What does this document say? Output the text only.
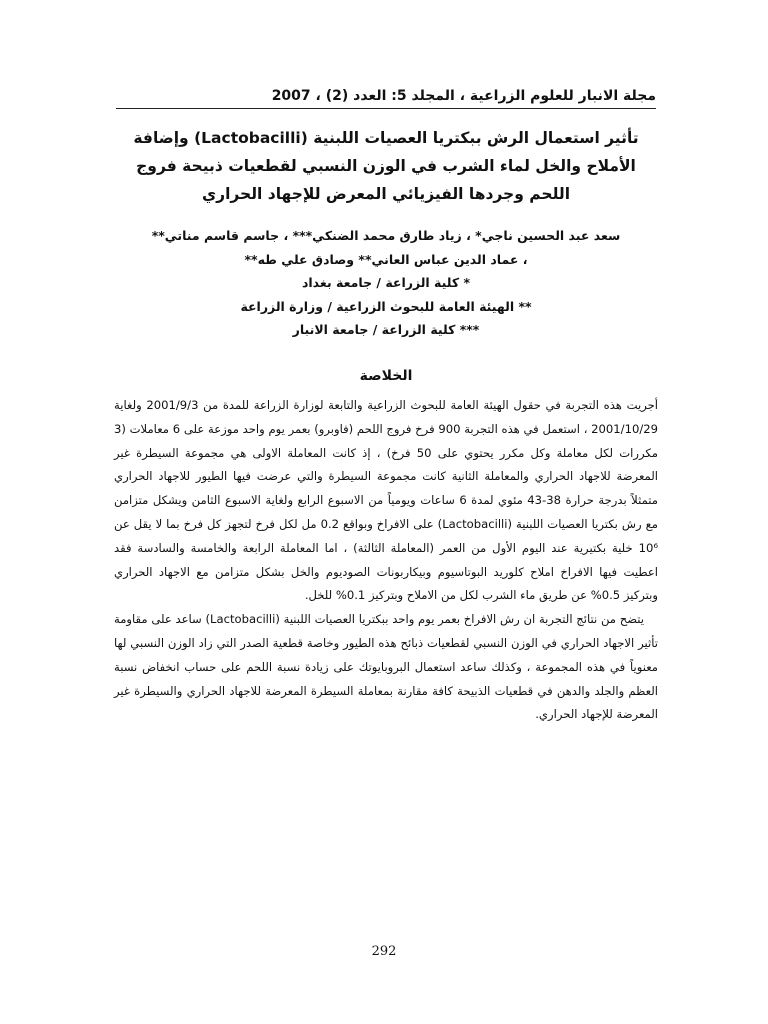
مجلة الانبار للعلوم الزراعية ، المجلد 5: العدد (2) ، 2007
تأثير استعمال الرش ببكتريا العصيات اللبنية (Lactobacilli) وإضافة الأملاح والخل لماء الشرب في الوزن النسبي لقطعيات ذبيحة فروج اللحم وجردها الفيزيائي المعرض للإجهاد الحراري

سعد عبد الحسين ناجي* ، زياد طارق محمد الضنكي*** ، جاسم قاسم مناتي**

، عماد الدين عباس العاني** وصادق علي طه**

* كلية الزراعة / جامعة بغداد

** الهيئة العامة للبحوث الزراعية / وزارة الزراعة

*** كلية الزراعة / جامعة الانبار

الخلاصة

أجريت هذه التجربة في حقول الهيئة العامة للبحوث الزراعية والتابعة لوزارة الزراعة للمدة من 2001/9/3 ولغاية 2001/10/29 ، استعمل في هذه التجربة 900 فرخ فروج اللحم (فاوبرو) بعمر يوم واحد موزعة على 6 معاملات (3 مكررات لكل معاملة وكل مكرر يحتوي على 50 فرخ) ، إذ كانت المعاملة الاولى هي مجموعة السيطرة غير المعرضة للاجهاد الحراري والمعاملة الثانية كانت مجموعة السيطرة والتي عرضت فيها الطيور للاجهاد الحراري متمثلاً بدرجة حرارة 38-43 مئوي لمدة 6 ساعات ويومياً من الاسبوع الرابع ولغاية الاسبوع الثامن ويشكل متزامن مع رش بكتريا العصيات اللبنية (Lactobacilli) على الافراخ وبواقع 0.2 مل لكل فرخ لتجهز كل فرخ بما لا يقل عن 10⁶ خلية بكتيرية عند اليوم الأول من العمر (المعاملة الثالثة) ، اما المعاملة الرابعة والخامسة والسادسة فقد اعطيت فيها الافراخ املاح كلوريد البوتاسيوم وبيكاربونات الصوديوم والخل بشكل متزامن مع الاجهاد الحراري وبتركيز 0.5% عن طريق ماء الشرب لكل من الاملاح وبتركيز 0.1% للخل.

يتضح من نتائج التجربة ان رش الافراخ بعمر يوم واحد ببكتريا العصيات اللبنية (Lactobacilli) ساعد على مقاومة تأثير الاجهاد الحراري في الوزن النسبي لقطعيات ذبائح هذه الطيور وخاصة قطعية الصدر التي زاد الوزن النسبي لها معنوياً في هذه المجموعة ، وكذلك ساعد استعمال البروبايوتك على زيادة نسبة اللحم على حساب انخفاض نسبة العظم والجلد والدهن في قطعيات الذبيحة كافة مقارنة بمعاملة السيطرة المعرضة للاجهاد الحراري والسيطرة غير المعرضة للإجهاد الحراري.

292
